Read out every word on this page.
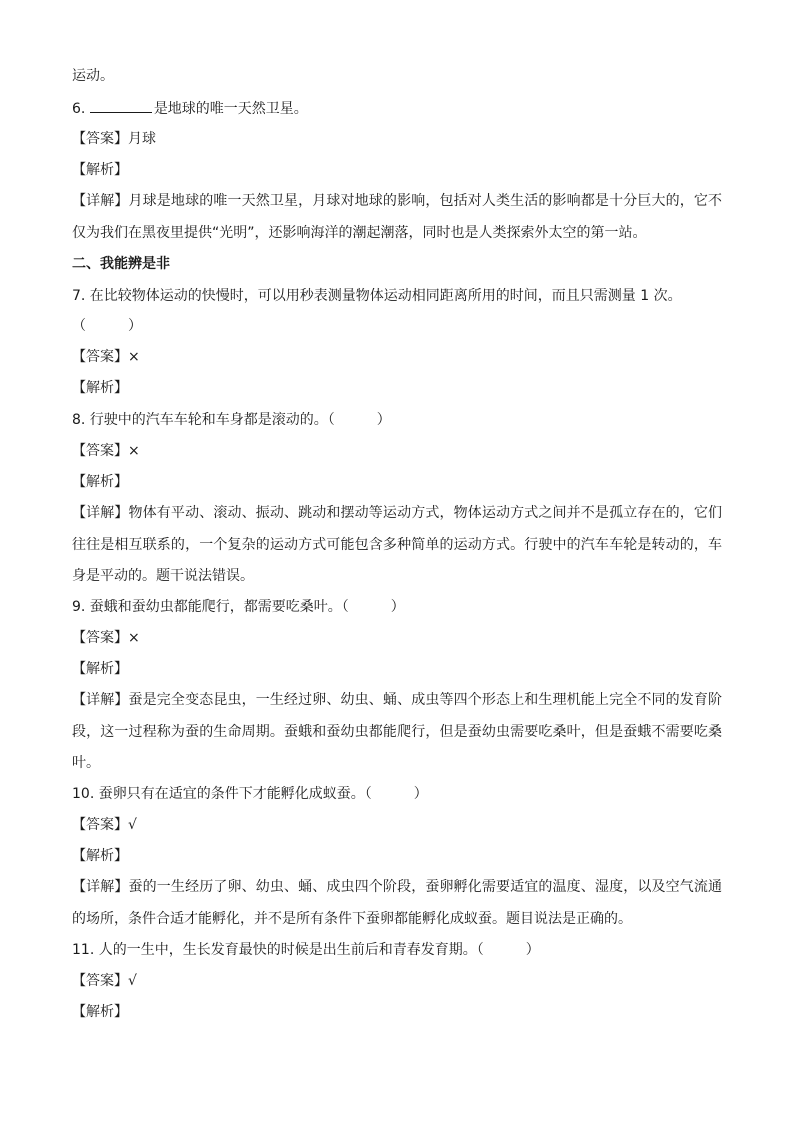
运动。
6.	是地球的唯一天然卫星。
【答案】月球
【解析】
【详解】月球是地球的唯一天然卫星，月球对地球的影响，包括对人类生活的影响都是十分巨大的，它不仅为我们在黑夜里提供“光明”，还影响海洋的潮起潮落，同时也是人类探索外太空的第一站。
二、我能辨是非
7. 在比较物体运动的快慢时，可以用秒表测量物体运动相同距离所用的时间，而且只需测量 1 次。
（　　　）
【答案】×
【解析】
8. 行驶中的汽车车轮和车身都是滚动的。（　　　）
【答案】×
【解析】
【详解】物体有平动、滚动、振动、跳动和摆动等运动方式，物体运动方式之间并不是孤立存在的，它们往往是相互联系的，一个复杂的运动方式可能包含多种简单的运动方式。行驶中的汽车车轮是转动的，车身是平动的。题干说法错误。
9. 蚕蛾和蚕幼虫都能爬行，都需要吃桑叶。（　　　）
【答案】×
【解析】
【详解】蚕是完全变态昆虫，一生经过卵、幼虫、蛹、成虫等四个形态上和生理机能上完全不同的发育阶段，这一过程称为蚕的生命周期。蚕蛾和蚕幼虫都能爬行，但是蚕幼虫需要吃桑叶，但是蚕蛾不需要吃桑叶。
10. 蚕卵只有在适宜的条件下才能孵化成蚁蚕。（　　　）
【答案】√
【解析】
【详解】蚕的一生经历了卵、幼虫、蛹、成虫四个阶段，蚕卵孵化需要适宜的温度、湿度，以及空气流通的场所，条件合适才能孵化，并不是所有条件下蚕卵都能孵化成蚁蚕。题目说法是正确的。
11. 人的一生中，生长发育最快的时候是出生前后和青春发育期。（　　　）
【答案】√
【解析】
